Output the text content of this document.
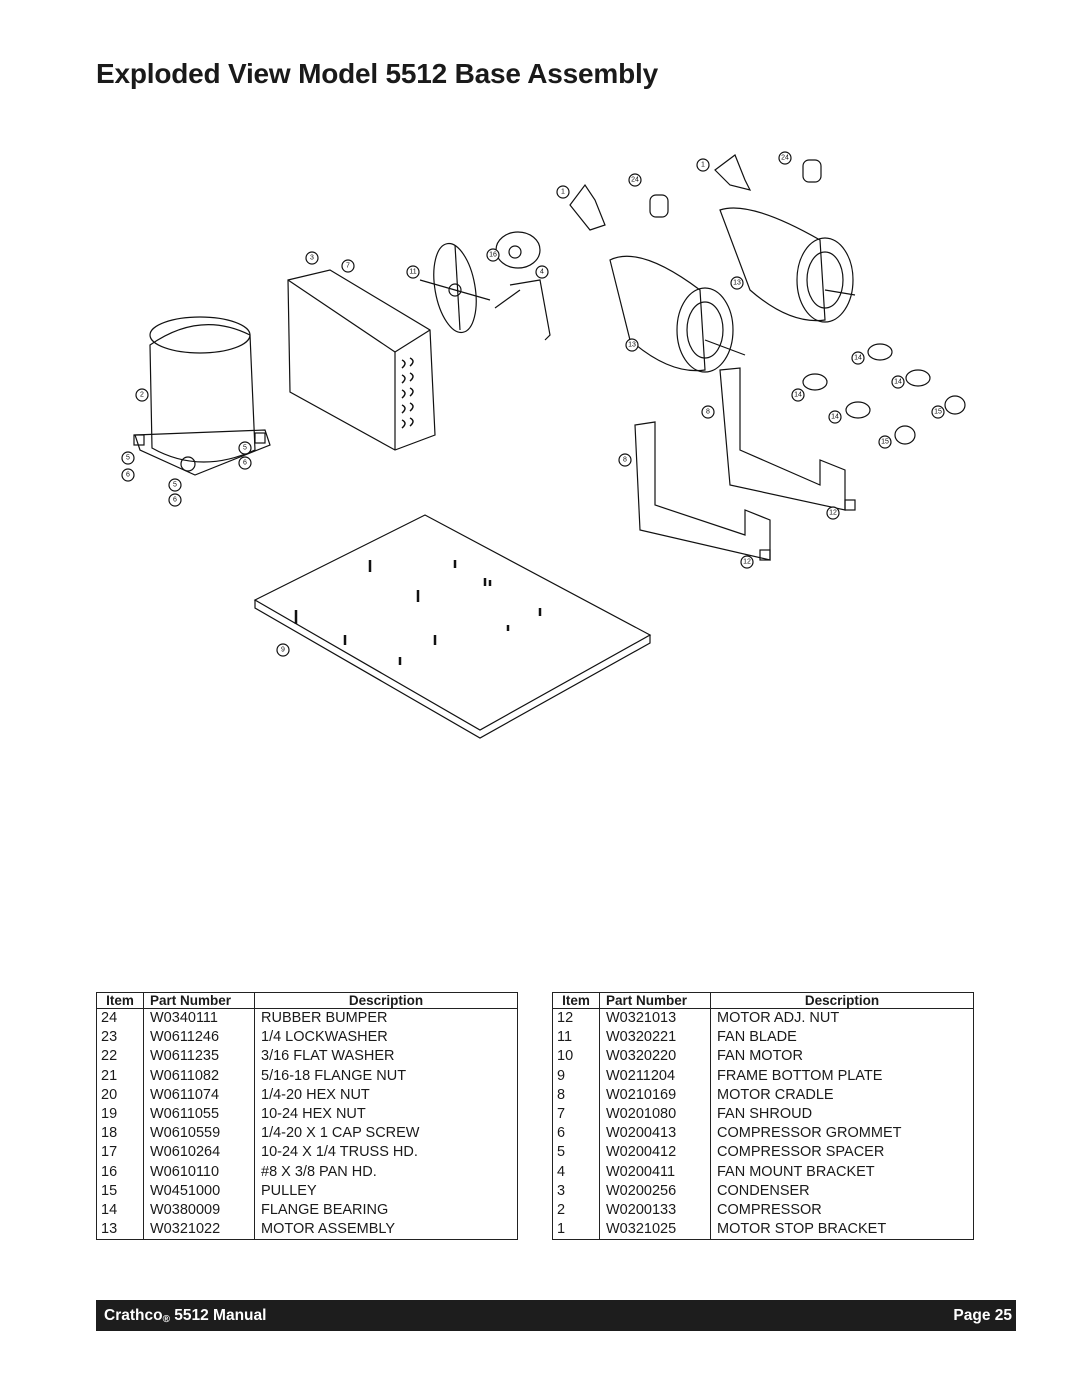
Exploded View Model 5512 Base Assembly
1
24
1
24
3
7
11
16
4
13
13
2
14
14
14
14
15
15
8
8
5
6
5
6
5
6
12
12
9
Item	Part Number	Description
24	W0340111	RUBBER BUMPER
23	W0611246	1/4 LOCKWASHER
22	W0611235	3/16 FLAT WASHER
21	W0611082	5/16-18 FLANGE NUT
20	W0611074	1/4-20 HEX NUT
19	W0611055	10-24 HEX NUT
18	W0610559	1/4-20 X 1 CAP SCREW
17	W0610264	10-24 X 1/4 TRUSS HD.
16	W0610110	#8 X 3/8 PAN HD.
15	W0451000	PULLEY
14	W0380009	FLANGE BEARING
13	W0321022	MOTOR ASSEMBLY
Item	Part Number	Description
12	W0321013	MOTOR ADJ. NUT
11	W0320221	FAN BLADE
10	W0320220	FAN MOTOR
9	W0211204	FRAME BOTTOM PLATE
8	W0210169	MOTOR CRADLE
7	W0201080	FAN SHROUD
6	W0200413	COMPRESSOR GROMMET
5	W0200412	COMPRESSOR SPACER
4	W0200411	FAN MOUNT BRACKET
3	W0200256	CONDENSER
2	W0200133	COMPRESSOR
1	W0321025	MOTOR STOP BRACKET
Crathco® 5512 Manual	Page 25
